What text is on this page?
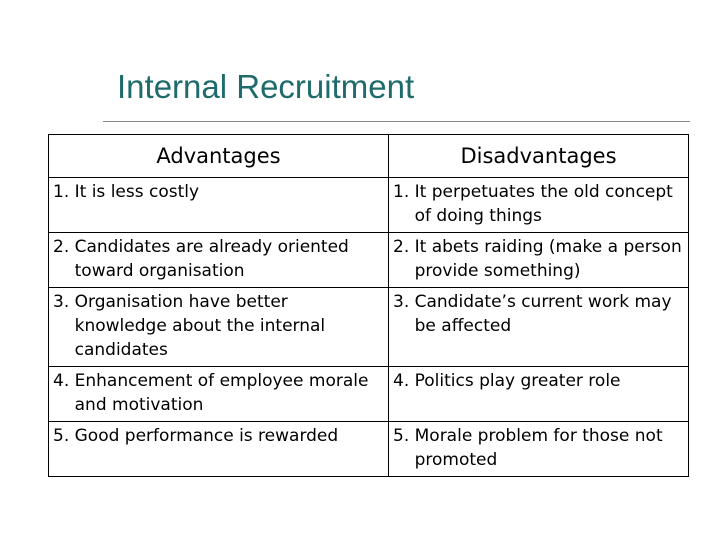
Internal Recruitment
Advantages	Disadvantages

1. It is less costly	1. It perpetuates the old concept of doing things

2. Candidates are already oriented toward organisation	2. It abets raiding (make a person provide something)

3. Organisation have better knowledge about the internal candidates	3. Candidate’s current work may be affected

4. Enhancement of employee morale and motivation	4. Politics play greater role

5. Good performance is rewarded	5. Morale problem for those not promoted
